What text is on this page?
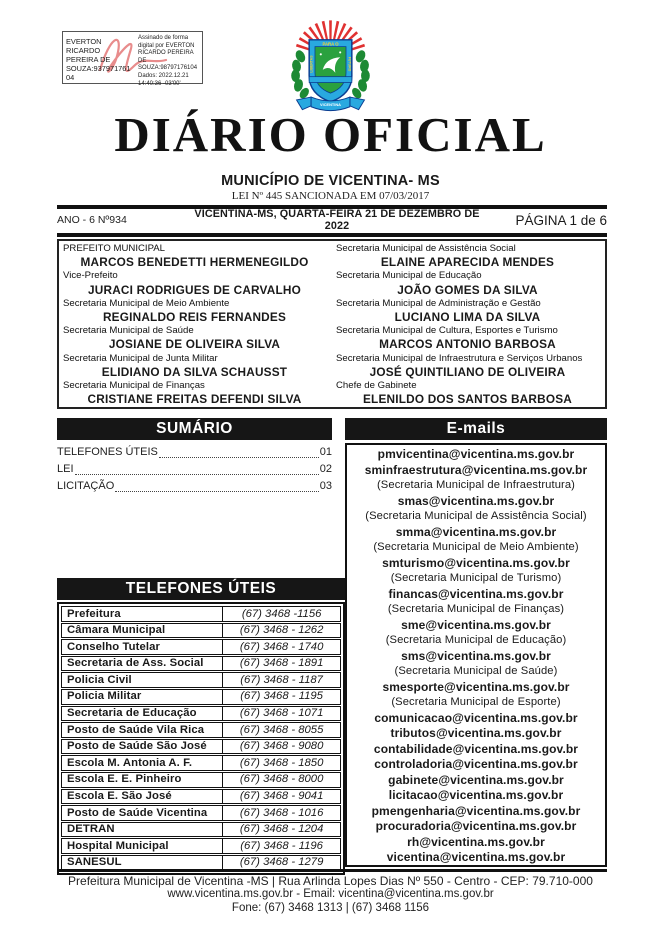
EVERTON RICARDO PEREIRA DE SOUZA:93797176104
Assinado de forma digital por EVERTON RICARDO PEREIRA DE SOUZA:98797176104 Dados: 2022.12.21 14:40:36 -03'00'
PARA O
LIBERTAS	FUTURO
VICENTINA
DIÁRIO OFICIAL
MUNICÍPIO DE VICENTINA- MS
LEI Nº 445 SANCIONADA EM 07/03/2017
ANO - 6 Nº934	VICENTINA-MS, QUARTA-FEIRA 21 DE DEZEMBRO DE 2022	PÁGINA 1 de 6
PREFEITO MUNICIPAL
MARCOS BENEDETTI HERMENEGILDO
Vice-Prefeito
JURACI RODRIGUES DE CARVALHO
Secretaria Municipal de Meio Ambiente
REGINALDO REIS FERNANDES
Secretaria Municipal de Saúde
JOSIANE DE OLIVEIRA SILVA
Secretaria Municipal de Junta Militar
ELIDIANO DA SILVA SCHAUSST
Secretaria Municipal de Finanças
CRISTIANE FREITAS DEFENDI SILVA
Secretaria Municipal de Assistência Social
ELAINE APARECIDA MENDES
Secretaria Municipal de Educação
JOÃO GOMES DA SILVA
Secretaria Municipal de Administração e Gestão
LUCIANO LIMA DA SILVA
Secretaria Municipal de Cultura, Esportes e Turismo
MARCOS ANTONIO BARBOSA
Secretaria Municipal de Infraestrutura e Serviços Urbanos
JOSÉ QUINTILIANO DE OLIVEIRA
Chefe de Gabinete
ELENILDO DOS SANTOS BARBOSA
SUMÁRIO
TELEFONES ÚTEIS	01
LEI	02
LICITAÇÃO	03
TELEFONES ÚTEIS
Prefeitura	(67) 3468 -1156
Câmara Municipal	(67) 3468 - 1262
Conselho Tutelar	(67) 3468 - 1740
Secretaria de Ass. Social	(67) 3468 - 1891
Policia Civil	(67) 3468 - 1187
Policia Militar	(67) 3468 - 1195
Secretaria de Educação	(67) 3468 - 1071
Posto de Saúde Vila Rica	(67) 3468 - 8055
Posto de Saúde São José	(67) 3468 - 9080
Escola M. Antonia A. F.	(67) 3468 - 1850
Escola E. E. Pinheiro	(67) 3468 - 8000
Escola E. São José	(67) 3468 - 9041
Posto de Saúde Vicentina	(67) 3468 - 1016
DETRAN	(67) 3468 - 1204
Hospital Municipal	(67) 3468 - 1196
SANESUL	(67) 3468 - 1279
E-mails
pmvicentina@vicentina.ms.gov.br
sminfraestrutura@vicentina.ms.gov.br
(Secretaria Municipal de Infraestrutura)
smas@vicentina.ms.gov.br
(Secretaria Municipal de Assistência Social)
smma@vicentina.ms.gov.br
(Secretaria Municipal de Meio Ambiente)
smturismo@vicentina.ms.gov.br
(Secretaria Municipal de Turismo)
financas@vicentina.ms.gov.br
(Secretaria Municipal de Finanças)
sme@vicentina.ms.gov.br
(Secretaria Municipal de Educação)
sms@vicentina.ms.gov.br
(Secretaria Municipal de Saúde)
smesporte@vicentina.ms.gov.br
(Secretaria Municipal de Esporte)
comunicacao@vicentina.ms.gov.br
tributos@vicentina.ms.gov.br
contabilidade@vicentina.ms.gov.br
controladoria@vicentina.ms.gov.br
gabinete@vicentina.ms.gov.br
licitacao@vicentina.ms.gov.br
pmengenharia@vicentina.ms.gov.br
procuradoria@vicentina.ms.gov.br
rh@vicentina.ms.gov.br
vicentina@vicentina.ms.gov.br
Prefeitura Municipal de Vicentina -MS | Rua Arlinda Lopes Dias Nº 550 - Centro - CEP: 79.710-000
www.vicentina.ms.gov.br - Email: vicentina@vicentina.ms.gov.br
Fone: (67) 3468 1313 | (67) 3468 1156
